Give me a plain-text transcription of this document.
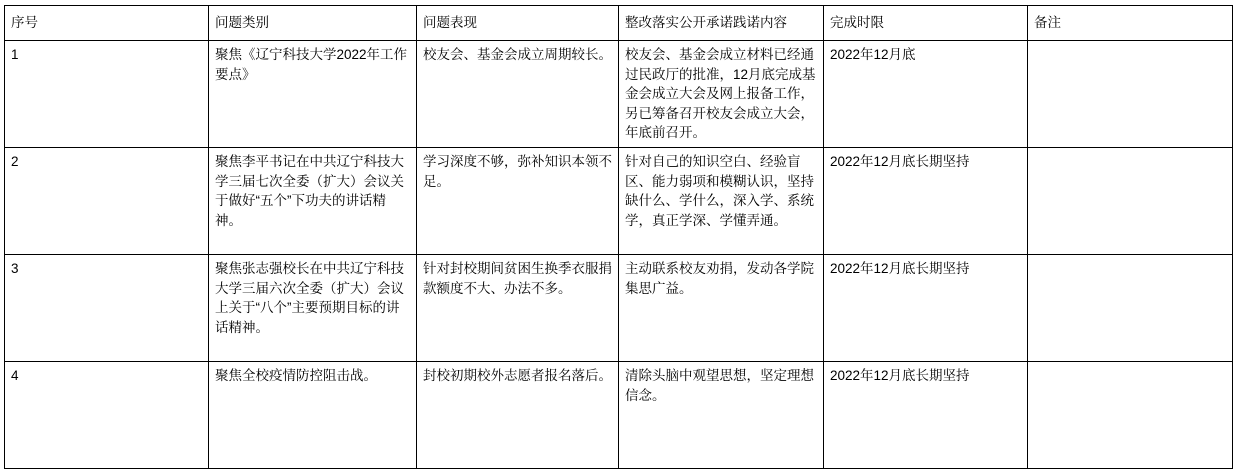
序号	问题类别	问题表现	整改落实公开承诺践诺内容	完成时限	备注
1	聚焦《辽宁科技大学2022年工作要点》	校友会、基金会成立周期较长。	校友会、基金会成立材料已经通过民政厅的批准，12月底完成基金会成立大会及网上报备工作，另已筹备召开校友会成立大会，年底前召开。	2022年12月底	
2	聚焦李平书记在中共辽宁科技大学三届七次全委（扩大）会议关于做好“五个”下功夫的讲话精神。	学习深度不够，弥补知识本领不足。	针对自己的知识空白、经验盲区、能力弱项和模糊认识，坚持缺什么、学什么，深入学、系统学，真正学深、学懂弄通。	2022年12月底长期坚持	
3	聚焦张志强校长在中共辽宁科技大学三届六次全委（扩大）会议上关于“八个”主要预期目标的讲话精神。	针对封校期间贫困生换季衣服捐款额度不大、办法不多。	主动联系校友劝捐，发动各学院集思广益。	2022年12月底长期坚持	
4	聚焦全校疫情防控阻击战。	封校初期校外志愿者报名落后。	清除头脑中观望思想，坚定理想信念。	2022年12月底长期坚持	
